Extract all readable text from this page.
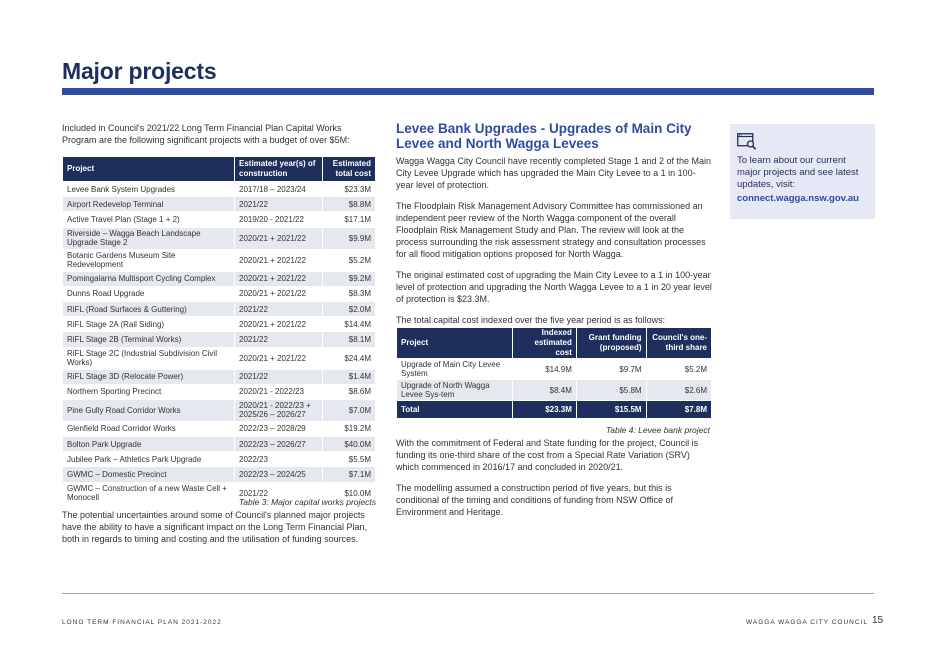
Major projects

Included in Council's 2021/22 Long Term Financial Plan Capital Works Program are the following significant projects with a budget of over $5M:

Project	Estimated year(s) of construction	Estimated total cost
Levee Bank System Upgrades	2017/18 – 2023/24	$23.3M
Airport Redevelop Terminal	2021/22	$8.8M
Active Travel Plan (Stage 1 + 2)	2019/20 - 2021/22	$17.1M
Riverside – Wagga Beach Landscape Upgrade Stage 2	2020/21 + 2021/22	$9.9M
Botanic Gardens Museum Site Redevelopment	2020/21 + 2021/22	$5.2M
Pomingalarna Multisport Cycling Complex	2020/21 + 2021/22	$9.2M
Dunns Road Upgrade	2020/21 + 2021/22	$8.3M
RiFL (Road Surfaces & Guttering)	2021/22	$2.0M
RiFL Stage 2A (Rail Siding)	2020/21 + 2021/22	$14.4M
RiFL Stage 2B (Terminal Works)	2021/22	$8.1M
RiFL Stage 2C (Industrial Subdivision Civil Works)	2020/21 + 2021/22	$24.4M
RiFL Stage 3D (Relocate Power)	2021/22	$1.4M
Northern Sporting Precinct	2020/21 - 2022/23	$8.6M
Pine Gully Road Corridor Works	2020/21 - 2022/23 + 2025/26 – 2026/27	$7.0M
Glenfield Road Corridor Works	2022/23 – 2028/29	$19.2M
Bolton Park Upgrade	2022/23 – 2026/27	$40.0M
Jubilee Park – Athletics Park Upgrade	2022/23	$5.5M
GWMC – Domestic Precinct	2022/23 – 2024/25	$7.1M
GWMC – Construction of a new Waste Cell + Monocell	2021/22	$10.0M
Table 3: Major capital works projects

The potential uncertainties around some of Council's planned major projects have the ability to have a significant impact on the Long Term Financial Plan, both in regards to timing and costing and the utilisation of funding sources.

Levee Bank Upgrades - Upgrades of Main City Levee and North Wagga Levees

Wagga Wagga City Council have recently completed Stage 1 and 2 of the Main City Levee Upgrade which has upgraded the Main City Levee to a 1 in 100-year level of protection.

The Floodplain Risk Management Advisory Committee has commissioned an independent peer review of the North Wagga component of the overall Floodplain Risk Management Study and Plan. The review will look at the process surrounding the risk assessment strategy and consultation processes for all flood mitigation options proposed for North Wagga.

The original estimated cost of upgrading the Main City Levee to a 1 in 100-year level of protection and upgrading the North Wagga Levee to a 1 in 20 year level of protection is $23.3M.

The total capital cost indexed over the five year period is as follows:

Project	Indexed estimated cost	Grant funding (proposed)	Council's one-third share
Upgrade of Main City Levee System	$14.9M	$9.7M	$5.2M
Upgrade of North Wagga Levee Sys-tem	$8.4M	$5.8M	$2.6M
Total	$23.3M	$15.5M	$7.8M
Table 4: Levee bank project

With the commitment of Federal and State funding for the project, Council is funding its one-third share of the cost from a Special Rate Variation (SRV) which commenced in 2016/17 and concluded in 2020/21.

The modelling assumed a construction period of five years, but this is conditional of the timing and conditions of funding from NSW Office of Environment and Heritage.

To learn about our current major projects and see latest updates, visit:
connect.wagga.nsw.gov.au
LONG TERM FINANCIAL PLAN 2021-2022	WAGGA WAGGA CITY COUNCIL 15
